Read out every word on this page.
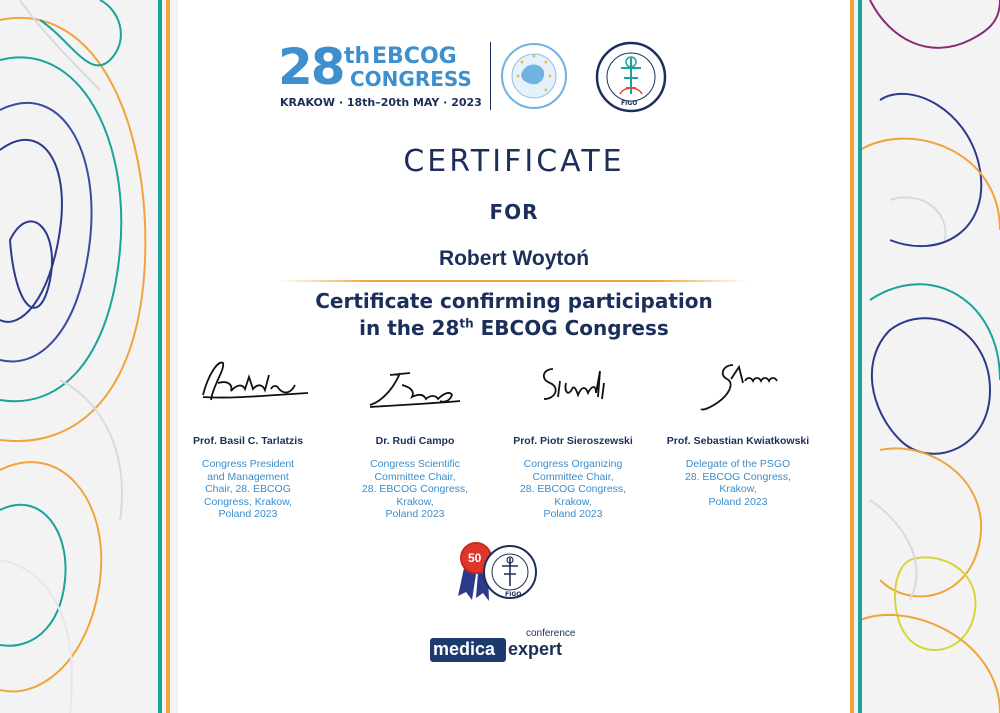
28 th EBCOG
CONGRESS
KRAKOW · 18th–20th MAY · 2023	FIGO
CERTIFICATE
FOR
Robert Woytoń
Certificate confirming participation
in the 28th EBCOG Congress
Prof. Basil C. Tarlatzis
Congress President
and Management
Chair, 28. EBCOG
Congress, Krakow,
Poland 2023
Dr. Rudi Campo
Congress Scientific
Committee Chair,
28. EBCOG Congress,
Krakow,
Poland 2023
Prof. Piotr Sieroszewski
Congress Organizing
Committee Chair,
28. EBCOG Congress,
Krakow,
Poland 2023
Prof. Sebastian Kwiatkowski
Delegate of the PSGO
28. EBCOG Congress,
Krakow,
Poland 2023
50
FIGO
conference
medica expert
